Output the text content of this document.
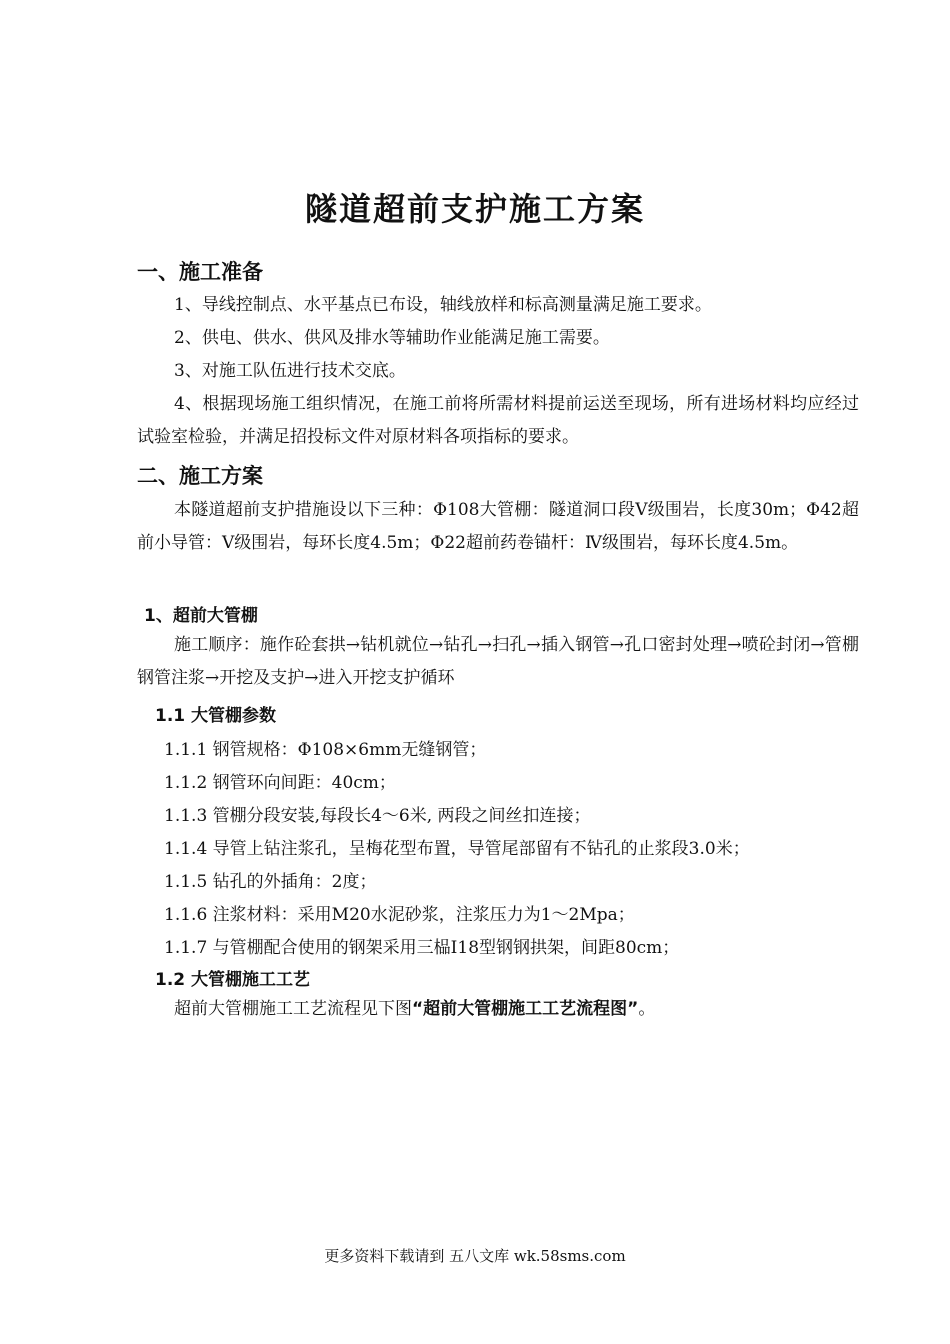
隧道超前支护施工方案
一、施工准备
1、导线控制点、水平基点已布设，轴线放样和标高测量满足施工要求。
2、供电、供水、供风及排水等辅助作业能满足施工需要。
3、对施工队伍进行技术交底。
4、根据现场施工组织情况，在施工前将所需材料提前运送至现场，所有进场材料均应经过试验室检验，并满足招投标文件对原材料各项指标的要求。
二、施工方案
本隧道超前支护措施设以下三种：Φ108大管棚：隧道洞口段Ⅴ级围岩，长度30m；Φ42超前小导管：Ⅴ级围岩，每环长度4.5m；Φ22超前药卷锚杆：Ⅳ级围岩，每环长度4.5m。
1、超前大管棚
施工顺序：施作砼套拱→钻机就位→钻孔→扫孔→插入钢管→孔口密封处理→喷砼封闭→管棚钢管注浆→开挖及支护→进入开挖支护循环
1.1 大管棚参数
1.1.1 钢管规格：Φ108×6mm无缝钢管；
1.1.2 钢管环向间距：40cm；
1.1.3 管棚分段安装,每段长4～6米, 两段之间丝扣连接；
1.1.4 导管上钻注浆孔，呈梅花型布置，导管尾部留有不钻孔的止浆段3.0米；
1.1.5 钻孔的外插角：2度；
1.1.6 注浆材料：采用M20水泥砂浆，注浆压力为1～2Mpa；
1.1.7 与管棚配合使用的钢架采用三榀Ⅰ18型钢钢拱架，间距80cm；
1.2 大管棚施工工艺
超前大管棚施工工艺流程见下图“超前大管棚施工工艺流程图”。
更多资料下载请到 五八文库 wk.58sms.com
